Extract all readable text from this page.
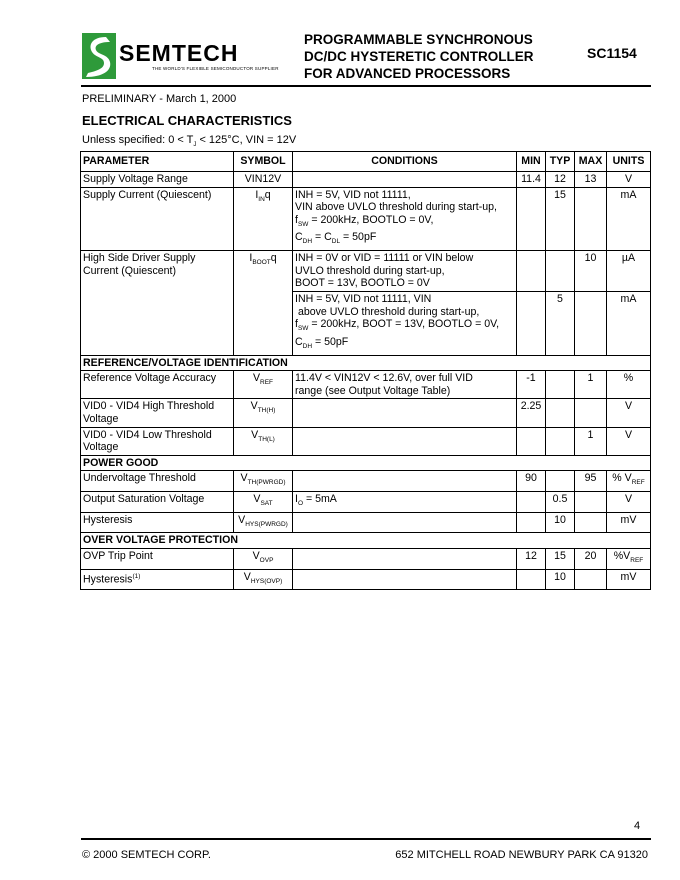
SEMTECH
THE WORLD'S FLEXIBLE SEMICONDUCTOR SUPPLIER
PROGRAMMABLE SYNCHRONOUS
DC/DC HYSTERETIC CONTROLLER
FOR ADVANCED PROCESSORS
SC1154
PRELIMINARY - March 1, 2000
ELECTRICAL CHARACTERISTICS
Unless specified: $0 < T_J < 125^\circ C$, VIN = 12V
PARAMETER	SYMBOL	CONDITIONS	MIN	TYP	MAX	UNITS
Supply Voltage Range	VIN12V		11.4	12	13	V
Supply Current (Quiescent)	$I_{IN}q$	INH = 5V, VID not 11111,
VIN above UVLO threshold during start-up,
$f_{SW} = 200kHz$, BOOTLO = 0V,
$C_{DH} = C_{DL} = 50pF$		15		mA
High Side Driver Supply Current (Quiescent)	$I_{BOOT}q$	INH = 0V or VID = 11111 or VIN below
UVLO threshold during start-up,
BOOT = 13V, BOOTLO = 0V			10	µA

		INH = 5V, VID not 11111, VIN
above UVLO threshold during start-up,
$f_{SW} = 200kHz$, BOOT = 13V, BOOTLO = 0V,
$C_{DH} = 50pF$		5		mA
REFERENCE/VOLTAGE IDENTIFICATION						
Reference Voltage Accuracy	$V_{REF}$	11.4V < VIN12V < 12.6V, over full VID
range (see Output Voltage Table)	-1		1	%
VID0 - VID4 High Threshold Voltage	$V_{TH(H)}$		2.25			V
VID0 - VID4 Low Threshold Voltage	$V_{TH(L)}$				1	V
POWER GOOD						
Undervoltage Threshold	$V_{TH(PWRGD)}$		90		95	% $V_{REF}$
Output Saturation Voltage	$V_{SAT}$	$I_O = 5mA$		0.5		V
Hysteresis	$V_{HYS(PWRGD)}$			10		mV
OVER VOLTAGE PROTECTION						
OVP Trip Point	$V_{OVP}$		12	15	20	$\%V_{REF}$
Hysteresis$^{(1)}$	$V_{HYS(OVP)}$			10		mV
4
© 2000 SEMTECH CORP.	652 MITCHELL ROAD NEWBURY PARK CA 91320
